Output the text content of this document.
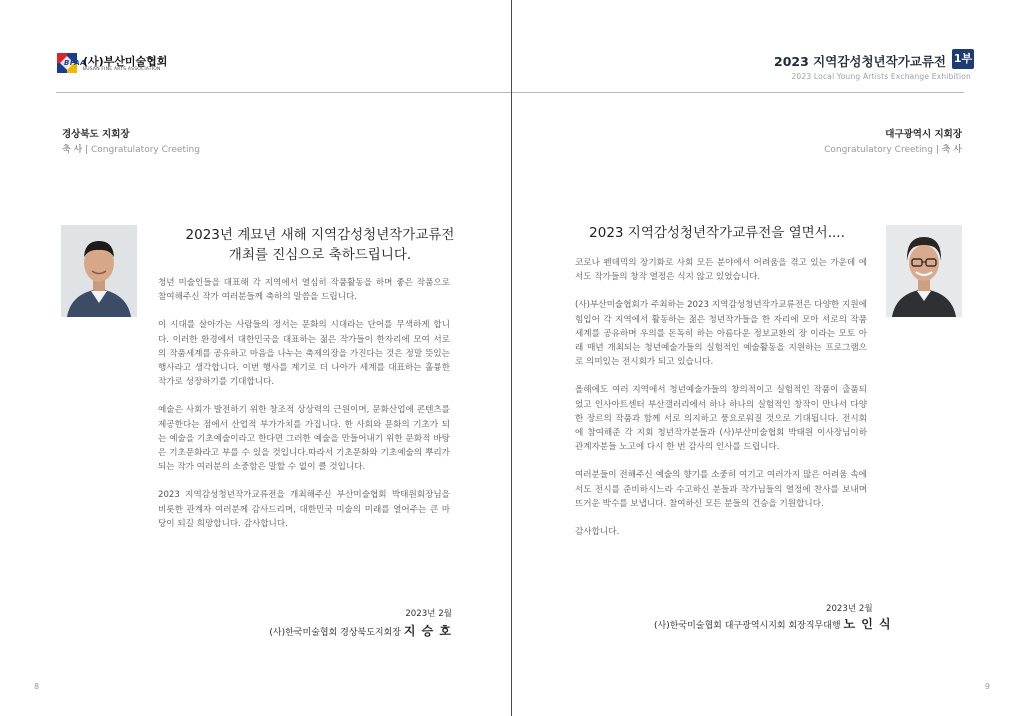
BFAA
(사)부산미술협회
BUSAN FINE ARTS ASSOCIATION
경상북도 지회장
축 사 | Congratulatory Creeting
2023년 계묘년 새해 지역감성청년작가교류전
개최를 진심으로 축하드립니다.

청년 미술인들을 대표해 각 지역에서 열심히 작품활동을 하며 좋은 작품으로 참여해주신 작가 여러분들께 축하의 말씀을 드립니다.

이 시대를 살아가는 사람들의 정서는 문화의 시대라는 단어를 무색하게 합니다. 이러한 환경에서 대한민국을 대표하는 젊은 작가들이 한자리에 모여 서로의 작품세계를 공유하고 마음을 나누는 축제의장을 가진다는 것은 정말 뜻있는 행사라고 생각합니다. 이번 행사를 계기로 더 나아가 세계를 대표하는 훌륭한 작가로 성장하기를 기대합니다.

예술은 사회가 발전하기 위한 창조적 상상력의 근원이며, 문화산업에 콘텐츠를 제공한다는 점에서 산업적 부가가치를 가집니다. 한 사회와 문화의 기초가 되는 예술을 기초예술이라고 한다면 그러한 예술을 만들어내기 위한 문화적 바탕은 기초문화라고 부를 수 있을 것입니다.따라서 기초문화와 기초예술의 뿌리가 되는 작가 여러분의 소중함은 말할 수 없이 클 것입니다.

2023 지역감성청년작가교류전을 개최해주신 부산미술협회 박태원회장님을 비롯한 관계자 여러분께 감사드리며, 대한민국 미술의 미래를 열어주는 큰 마당이 되길 희망합니다. 감사합니다.

2023년 2월
(사)한국미술협회 경상북도지회장 지 승 호
8
2023 지역감성청년작가교류전 1부
2023 Local Young Artists Exchange Exhibition
대구광역시 지회장
Congratulatory Creeting | 축 사
2023 지역감성청년작가교류전을 열면서....

코로나 펜데믹의 장기화로 사회 모든 분야에서 어려움을 겪고 있는 가운데 에서도 작가들의 창작 열정은 식지 않고 있었습니다.

(사)부산미술협회가 주최하는 2023 지역감성청년작가교류전은 다양한 지원에 힘입어 각 지역에서 활동하는 젊은 청년작가들을 한 자리에 모아 서로의 작품세계를 공유하며 우의를 돈독히 하는 아름다운 정보교환의 장 이라는 모토 아래 매년 개최되는 청년예술가들의 실험적인 예술활동을 지원하는 프로그램으로 의미있는 전시회가 되고 있습니다.

올해에도 여러 지역에서 청년예술가들의 창의적이고 실험적인 작품이 출품되었고 인사아트센터 부산갤러리에서 하나 하나의 실험적인 창작이 만나서 다양한 장르의 작품과 함께 서로 의지하고 풍요로워질 것으로 기대됩니다. 전시회에 참여해준 각 지회 청년작가분들과 (사)부산미술협회 박태원 이사장님이하 관계자분들 노고에 다시 한 번 감사의 인사를 드립니다.

여러분들이 전해주신 예술의 향기를 소중히 여기고 여러가지 많은 어려움 속에서도 전시를 준비하시느라 수고하신 분들과 작가님들의 열정에 찬사를 보내며 뜨거운 박수를 보냅니다. 참여하신 모든 분들의 건승을 기원합니다.

감사합니다.

2023년 2월
(사)한국미술협회 대구광역시지회 회장직무대행 노 인 식
9
